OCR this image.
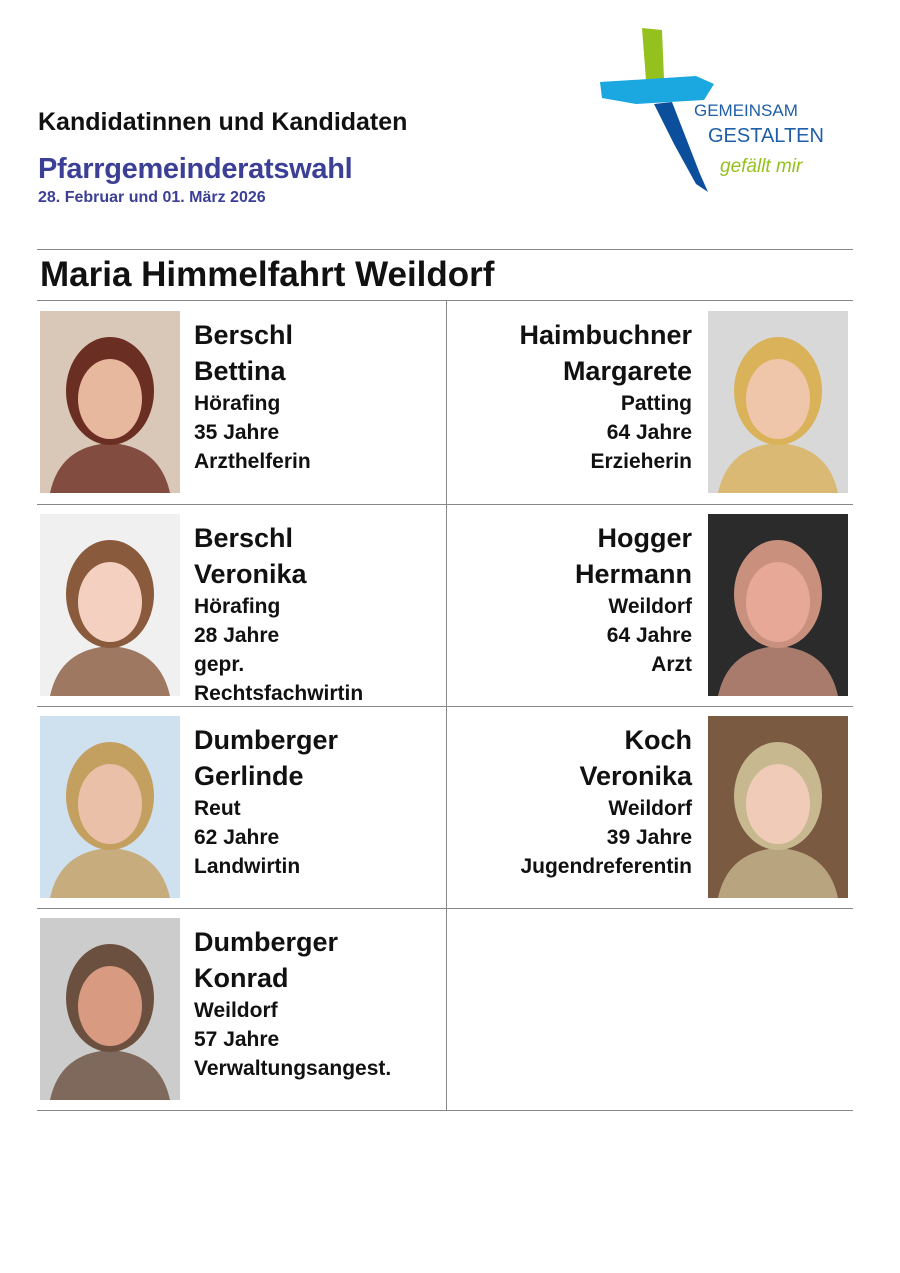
Kandidatinnen und Kandidaten
Pfarrgemeinderatswahl
28. Februar und 01. März 2026
GEMEINSAM
GESTALTEN
gefällt mir
Maria Himmelfahrt Weildorf
Berschl
Bettina
Hörafing
35 Jahre
Arzthelferin
Haimbuchner
Margarete
Patting
64 Jahre
Erzieherin
Berschl
Veronika
Hörafing
28 Jahre
gepr.
Rechtsfachwirtin
Hogger
Hermann
Weildorf
64 Jahre
Arzt
Dumberger
Gerlinde
Reut
62 Jahre
Landwirtin
Koch
Veronika
Weildorf
39 Jahre
Jugendreferentin
Dumberger
Konrad
Weildorf
57 Jahre
Verwaltungsangest.
